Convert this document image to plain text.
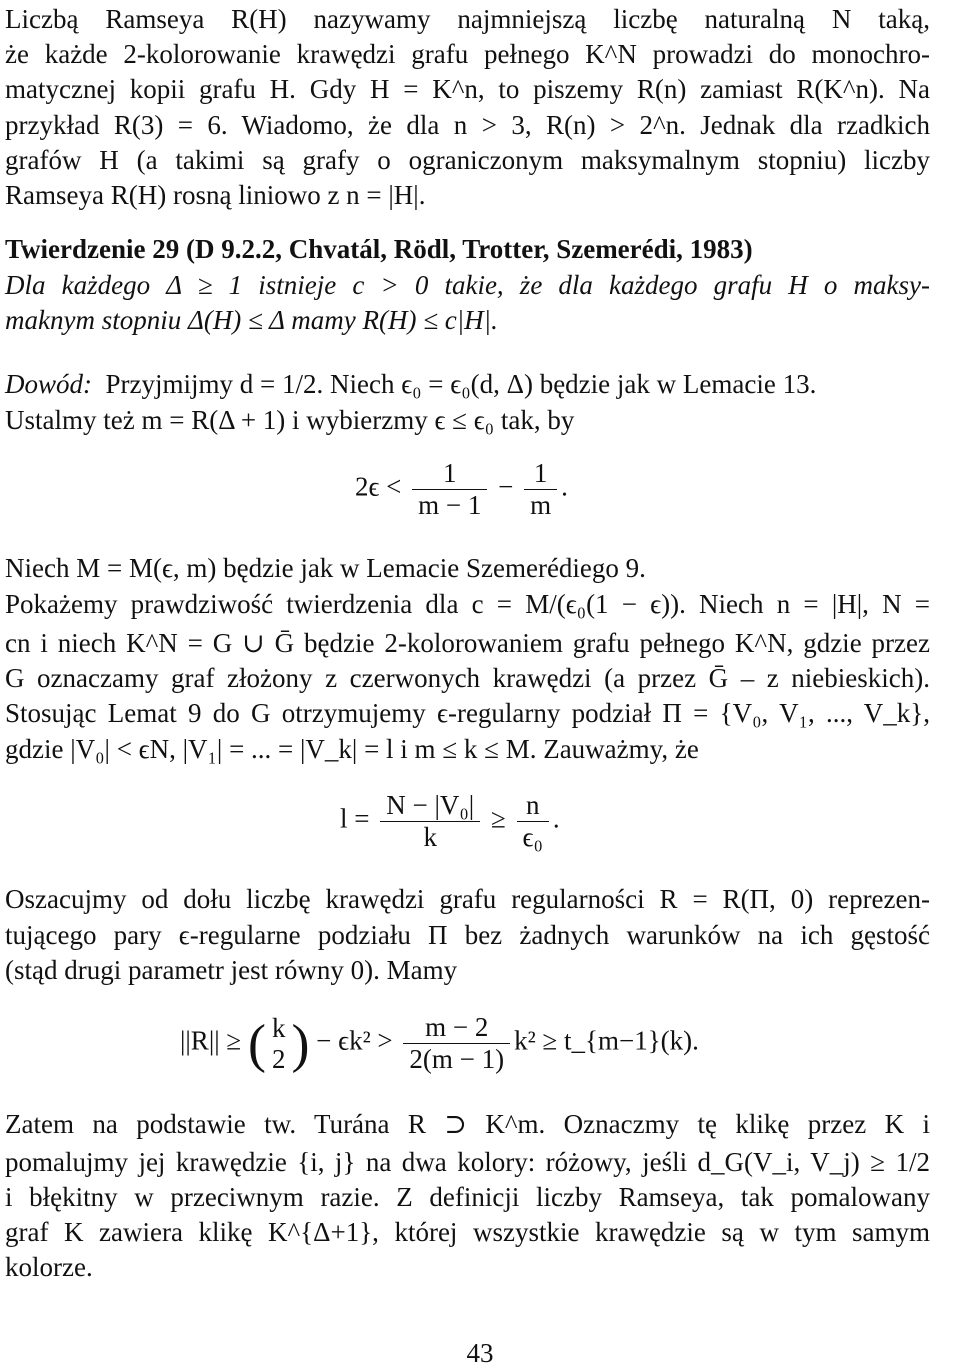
Liczbą Ramseya R(H) nazywamy najmniejszą liczbę naturalną N taką,
że każde 2-kolorowanie krawędzi grafu pełnego K^N prowadzi do monochro-
matycznej kopii grafu H. Gdy H = K^n, to piszemy R(n) zamiast R(K^n). Na
przykład R(3) = 6. Wiadomo, że dla n > 3, R(n) > 2^n. Jednak dla rzadkich
grafów H (a takimi są grafy o ograniczonym maksymalnym stopniu) liczby
Ramseya R(H) rosną liniowo z n = |H|.
Twierdzenie 29 (D 9.2.2, Chvatál, Rödl, Trotter, Szemerédi, 1983)
Dla każdego Δ ≥ 1 istnieje c > 0 takie, że dla każdego grafu H o maksy-
maknym stopniu Δ(H) ≤ Δ mamy R(H) ≤ c|H|.
Dowód: Przyjmijmy d = 1/2. Niech ϵ₀ = ϵ₀(d, Δ) będzie jak w Lemacie 13.
Ustalmy też m = R(Δ + 1) i wybierzmy ϵ ≤ ϵ₀ tak, by
$2\epsilon < \frac{1}{m - 1} - \frac{1}{m}$ .
Niech M = M(ϵ, m) będzie jak w Lemacie Szemerédiego 9.
Pokażemy prawdziwość twierdzenia dla c = M/(ϵ₀(1 − ϵ)). Niech n = |H|, N =
cn i niech K^N = G ∪ Ḡ będzie 2-kolorowaniem grafu pełnego K^N, gdzie przez
G oznaczamy graf złożony z czerwonych krawędzi (a przez Ḡ – z niebieskich).
Stosując Lemat 9 do G otrzymujemy ϵ-regularny podział Π = {V₀, V₁, ..., V_k},
gdzie |V₀| < ϵN, |V₁| = ... = |V_k| = l i m ≤ k ≤ M. Zauważmy, że
$l = \frac{\text{N − |V₀|}}{k} \ge \frac{n}{\text{ϵ₀}}$ .
Oszacujmy od dołu liczbę krawędzi grafu regularności R = R(Π, 0) reprezen-
tującego pary ϵ-regularne podziału Π bez żadnych warunków na ich gęstość
(stąd drugi parametr jest równy 0). Mamy
||R|| ≥ ( k
2 ) − $\epsilon k^2 > \frac{m - 2}{2(m - 1)} k^2$ ≥ t_{m−1}(k).
Zatem na podstawie tw. Turána R ⊃ K^m. Oznaczmy tę klikę przez K i
pomalujmy jej krawędzie {i, j} na dwa kolory: różowy, jeśli d_G(V_i, V_j) ≥ 1/2
i błękitny w przeciwnym razie. Z definicji liczby Ramseya, tak pomalowany
graf K zawiera klikę K^{Δ+1}, której wszystkie krawędzie są w tym samym
kolorze.
43
